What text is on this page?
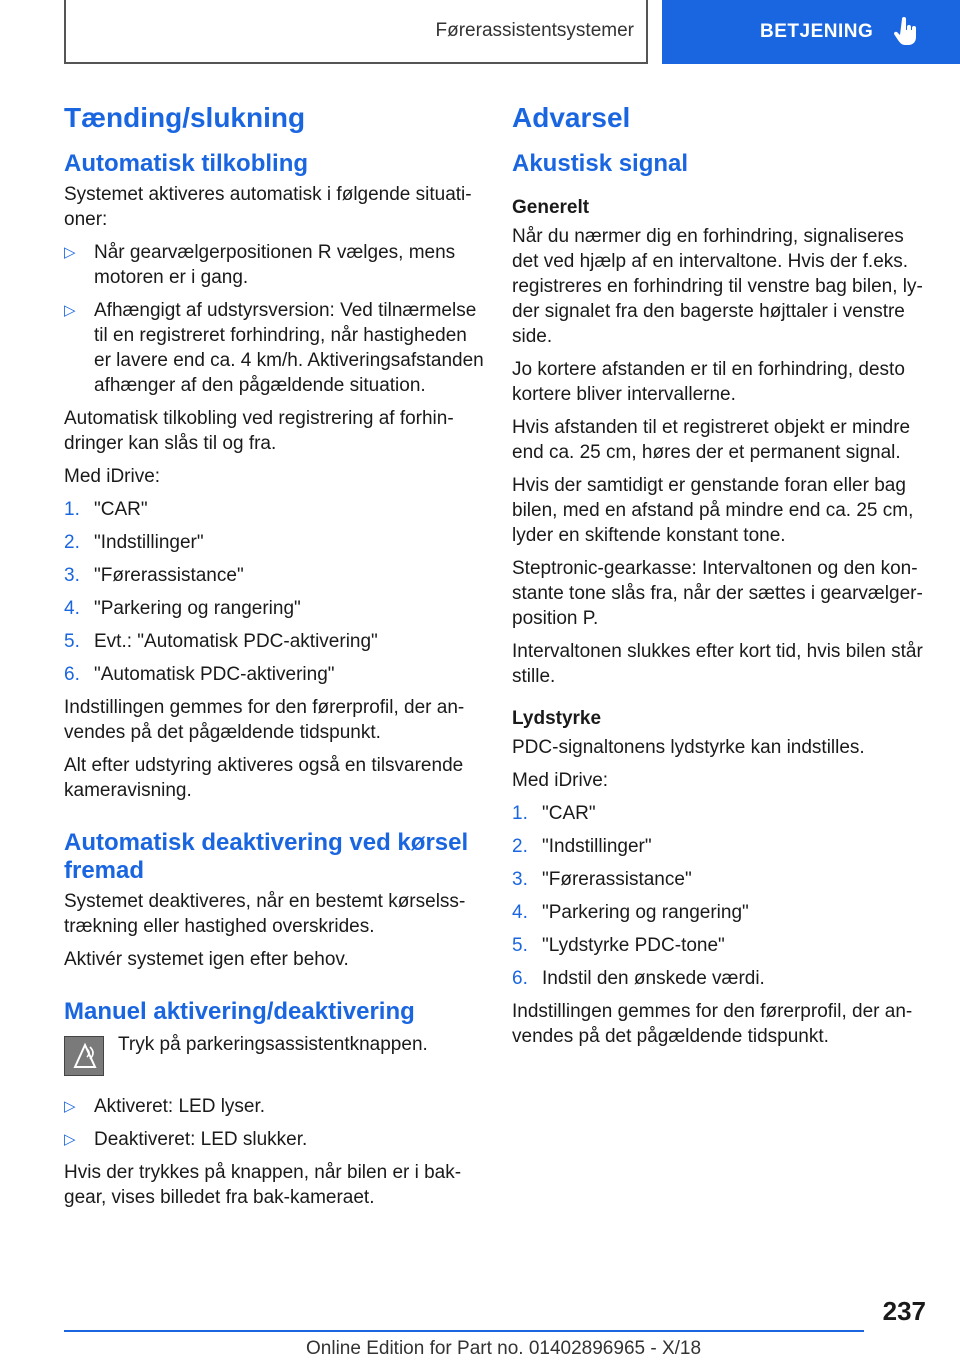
Førerassistentsystemer	BETJENING
Tænding/slukning
Automatisk tilkobling

Systemet aktiveres automatisk i følgende situationer:

▷ Når gearvælgerpositionen R vælges, mens motoren er i gang.
▷ Afhængigt af udstyrsversion: Ved tilnærmelse til en registreret forhindring, når hastigheden er lavere end ca. 4 km/h. Aktiveringsafstanden afhænger af den pågældende situation.

Automatisk tilkobling ved registrering af forhindringer kan slås til og fra.

Med iDrive:

1. "CAR"
2. "Indstillinger"
3. "Førerassistance"
4. "Parkering og rangering"
5. Evt.: "Automatisk PDC-aktivering"
6. "Automatisk PDC-aktivering"

Indstillingen gemmes for den førerprofil, der anvendes på det pågældende tidspunkt.

Alt efter udstyring aktiveres også en tilsvarende kameravisning.

Automatisk deaktivering ved kørsel fremad

Systemet deaktiveres, når en bestemt kørselsstrækning eller hastighed overskrides.

Aktivér systemet igen efter behov.

Manuel aktivering/deaktivering

Tryk på parkeringsassistentknappen.

▷ Aktiveret: LED lyser.
▷ Deaktiveret: LED slukker.

Hvis der trykkes på knappen, når bilen er i bakgear, vises billedet fra bak-kameraet.

Advarsel
Akustisk signal
Generelt

Når du nærmer dig en forhindring, signaliseres det ved hjælp af en intervaltone. Hvis der f.eks. registreres en forhindring til venstre bag bilen, lyder signalet fra den bagerste højttaler i venstre side.

Jo kortere afstanden er til en forhindring, desto kortere bliver intervallerne.

Hvis afstanden til et registreret objekt er mindre end ca. 25 cm, høres der et permanent signal.

Hvis der samtidigt er genstande foran eller bag bilen, med en afstand på mindre end ca. 25 cm, lyder en skiftende konstant tone.

Steptronic-gearkasse: Intervaltonen og den konstante tone slås fra, når der sættes i gearvælgerposition P.

Intervaltonen slukkes efter kort tid, hvis bilen står stille.

Lydstyrke

PDC-signaltonens lydstyrke kan indstilles.

Med iDrive:

1. "CAR"
2. "Indstillinger"
3. "Førerassistance"
4. "Parkering og rangering"
5. "Lydstyrke PDC-tone"
6. Indstil den ønskede værdi.

Indstillingen gemmes for den førerprofil, der anvendes på det pågældende tidspunkt.

237
Online Edition for Part no. 01402896965 - X/18
